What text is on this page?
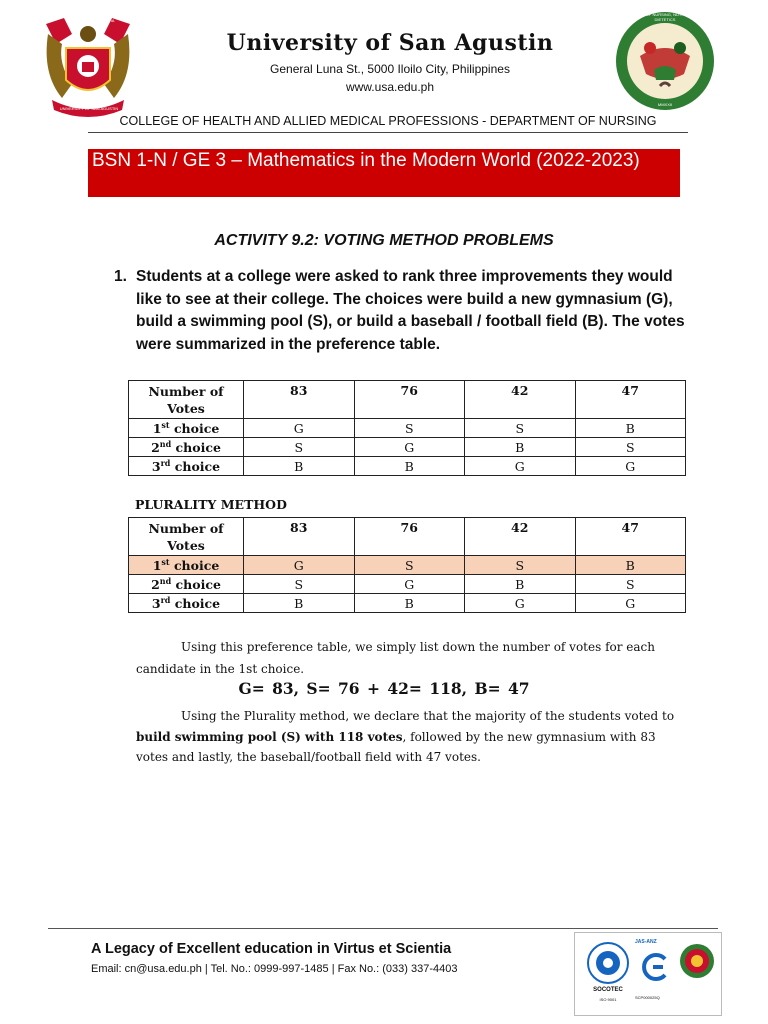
VIRTUS	SCIENTIA
UNIVERSITY OF SAN AGUSTIN
University of San Agustin
General Luna St., 5000 Iloilo City, Philippines
www.usa.edu.ph
COLLEGE OF NURSING, NUTRITION AND DIETETICS
MMXXII
COLLEGE OF HEALTH AND ALLIED MEDICAL PROFESSIONS - DEPARTMENT OF NURSING
BSN 1-N / GE 3 – Mathematics in the Modern World (2022-2023)
ACTIVITY 9.2: VOTING METHOD PROBLEMS
1. Students at a college were asked to rank three improvements they would like to see at their college. The choices were build a new gymnasium (G), build a swimming pool (S), or build a baseball / football field (B). The votes were summarized in the preference table.
Number of Votes	83	76	42	47
1st choice	G	S	S	B
2nd choice	S	G	B	S
3rd choice	B	B	G	G
PLURALITY METHOD
Number of Votes	83	76	42	47
1st choice	G	S	S	B
2nd choice	S	G	B	S
3rd choice	B	B	G	G
Using this preference table, we simply list down the number of votes for each candidate in the 1st choice.
G= 83, S= 76 + 42= 118, B= 47
Using the Plurality method, we declare that the majority of the students voted to build swimming pool (S) with 118 votes, followed by the new gymnasium with 83 votes and lastly, the baseball/football field with 47 votes.
A Legacy of Excellent education in Virtus et Scientia
Email: cn@usa.edu.ph | Tel. No.: 0999-997-1485 | Fax No.: (033) 337-4403
SOCOTEC
ISO 9001
JAS-ANZ
SCP000025Q
